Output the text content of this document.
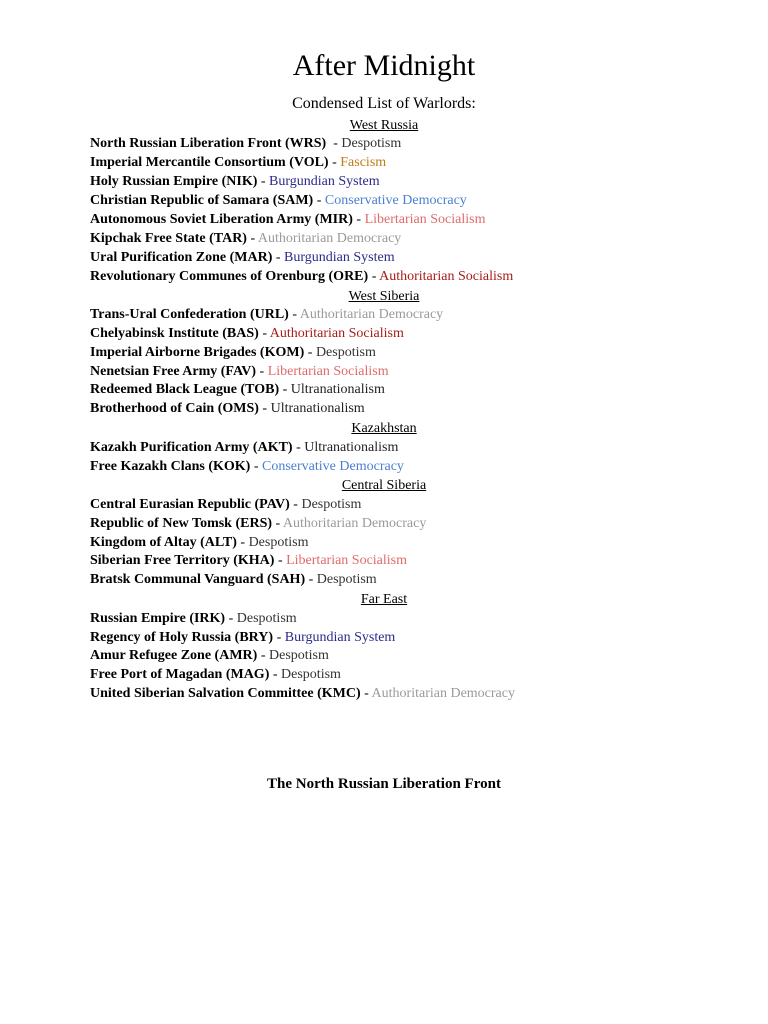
After Midnight
Condensed List of Warlords:
West Russia
North Russian Liberation Front (WRS)  - Despotism
Imperial Mercantile Consortium (VOL) - Fascism
Holy Russian Empire (NIK) - Burgundian System
Christian Republic of Samara (SAM) - Conservative Democracy
Autonomous Soviet Liberation Army (MIR) - Libertarian Socialism
Kipchak Free State (TAR) - Authoritarian Democracy
Ural Purification Zone (MAR) - Burgundian System
Revolutionary Communes of Orenburg (ORE) - Authoritarian Socialism
West Siberia
Trans-Ural Confederation (URL) - Authoritarian Democracy
Chelyabinsk Institute (BAS) - Authoritarian Socialism
Imperial Airborne Brigades (KOM) - Despotism
Nenetsian Free Army (FAV) - Libertarian Socialism
Redeemed Black League (TOB) - Ultranationalism
Brotherhood of Cain (OMS) - Ultranationalism
Kazakhstan
Kazakh Purification Army (AKT) - Ultranationalism
Free Kazakh Clans (KOK) - Conservative Democracy
Central Siberia
Central Eurasian Republic (PAV) - Despotism
Republic of New Tomsk (ERS) - Authoritarian Democracy
Kingdom of Altay (ALT) - Despotism
Siberian Free Territory (KHA) - Libertarian Socialism
Bratsk Communal Vanguard (SAH) - Despotism
Far East
Russian Empire (IRK) - Despotism
Regency of Holy Russia (BRY) - Burgundian System
Amur Refugee Zone (AMR) - Despotism
Free Port of Magadan (MAG) - Despotism
United Siberian Salvation Committee (KMC) - Authoritarian Democracy
The North Russian Liberation Front
